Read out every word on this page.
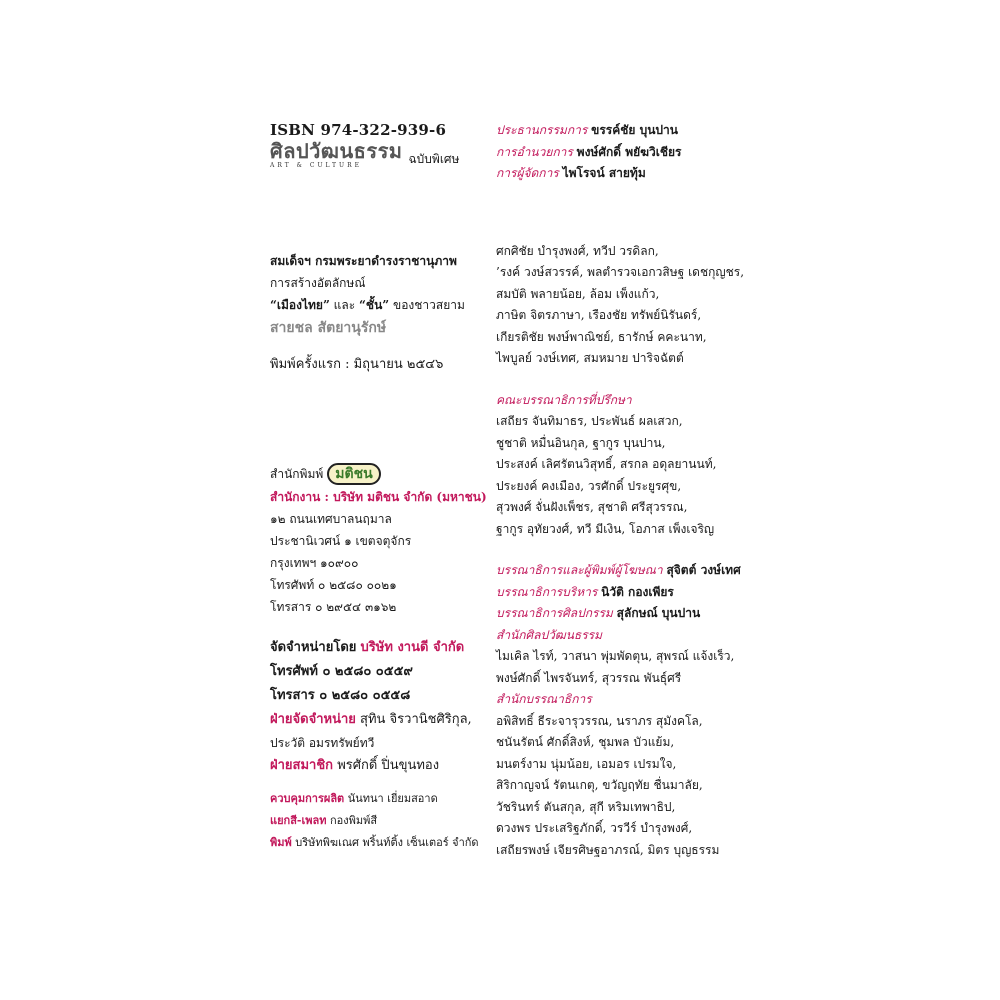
ISBN 974-322-939-6
ศิลปวัฒนธรรม
ART & CULTURE	ฉบับพิเศษ
สมเด็จฯ กรมพระยาดำรงราชานุภาพ
การสร้างอัตลักษณ์
“เมืองไทย” และ “ชั้น” ของชาวสยาม
สายชล สัตยานุรักษ์
พิมพ์ครั้งแรก : มิถุนายน ๒๕๔๖
สำนักพิมพ์ มติชน
สำนักงาน : บริษัท มติชน จำกัด (มหาชน)
๑๒ ถนนเทศบาลนฤมาล
ประชานิเวศน์ ๑ เขตจตุจักร
กรุงเทพฯ ๑๐๙๐๐
โทรศัพท์ ๐ ๒๕๘๐ ๐๐๒๑
โทรสาร ๐ ๒๙๕๔ ๓๑๖๒
จัดจำหน่ายโดย บริษัท งานดี จำกัด
โทรศัพท์ ๐ ๒๕๘๐ ๐๕๕๙
โทรสาร ๐ ๒๕๘๐ ๐๕๕๘
ฝ่ายจัดจำหน่าย สุทิน จิรวานิชศิริกุล,
ประวัติ อมรทรัพย์ทวี
ฝ่ายสมาชิก พรศักดิ์ ปิ่นขุนทอง
ควบคุมการผลิต นันทนา เยี่ยมสอาด
แยกสี-เพลท กองพิมพ์สี
พิมพ์ บริษัทพิฆเณศ พริ้นท์ติ้ง เซ็นเตอร์ จำกัด
ประธานกรรมการ ขรรค์ชัย บุนปาน
การอำนวยการ พงษ์ศักดิ์ พยัฆวิเชียร
การผู้จัดการ ไพโรจน์ สายทุ้ม
ศกศิชัย บำรุงพงศ์, ทวีป วรดิลก,
’รงค์ วงษ์สวรรค์, พลตำรวจเอกวสิษฐ เดชกุญชร,
สมบัติ พลายน้อย, ล้อม เพ็งแก้ว,
ภาษิต จิตรภาษา, เรืองชัย ทรัพย์นิรันดร์,
เกียรติชัย พงษ์พาณิชย์, ธารักษ์ คคะนาท,
ไพบูลย์ วงษ์เทศ, สมหมาย ปาริจฉัตต์
คณะบรรณาธิการที่ปรึกษา
เสถียร จันทิมาธร, ประพันธ์ ผลเสวก,
ชูชาติ หมื่นอินกุล, ฐากูร บุนปาน,
ประสงค์ เลิศรัตนวิสุทธิ์, สรกล อดุลยานนท์,
ประยงค์ คงเมือง, วรศักดิ์ ประยูรศุข,
สุวพงศ์ จั่นฝังเพ็ชร, สุชาติ ศรีสุวรรณ,
ฐากูร อุทัยวงศ์, ทวี มีเงิน, โอภาส เพ็งเจริญ
บรรณาธิการและผู้พิมพ์ผู้โฆษณา สุจิตต์ วงษ์เทศ
บรรณาธิการบริหาร นิวัติ กองเพียร
บรรณาธิการศิลปกรรม สุลักษณ์ บุนปาน
สำนักศิลปวัฒนธรรม
ไมเคิล ไรท์, วาสนา พุ่มพัดตุน, สุพรณ์ แจ้งเร็ว,
พงษ์ศักดิ์ ไพรจันทร์, สุวรรณ พันธุ์ศรี
สำนักบรรณาธิการ
อพิสิทธิ์ ธีระจารุวรรณ, นราภร สุมังคโล,
ชนันรัตน์ ศักดิ์สิงห์, ชุมพล บัวแย้ม,
มนตร์งาม นุ่มน้อย, เอมอร เปรมใจ,
สิริกาญจน์ รัตนเกตุ, ขวัญฤทัย ชื่นมาลัย,
วัชรินทร์ ตันสกุล, สุกี หริมเทพาธิป,
ดวงพร ประเสริฐภักดิ์, วรวีร์ บำรุงพงศ์,
เสถียรพงษ์ เจียรศิษฐอาภรณ์, มิตร บุญธรรม
